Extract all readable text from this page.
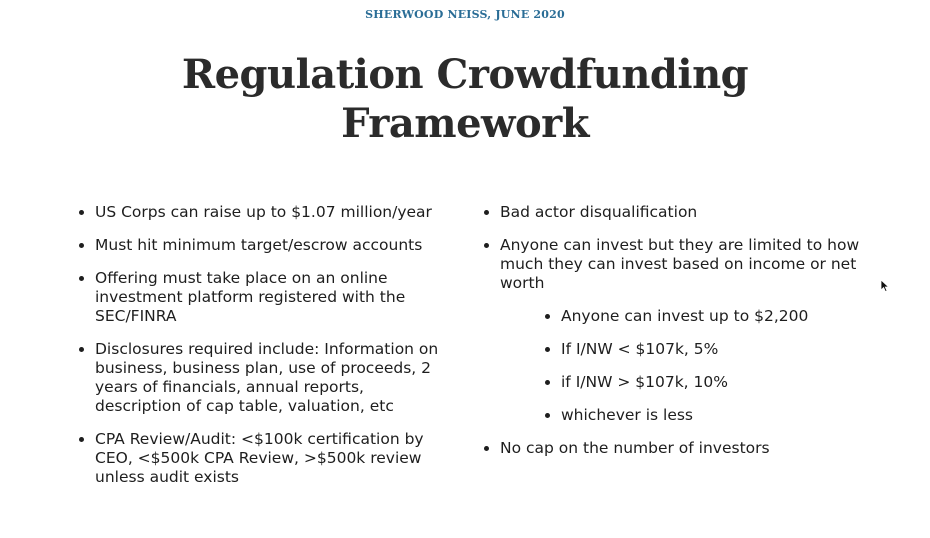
SHERWOOD NEISS, JUNE 2020
Regulation Crowdfunding
Framework
US Corps can raise up to $1.07 million/year
Must hit minimum target/escrow accounts
Offering must take place on an online investment platform registered with the SEC/FINRA
Disclosures required include: Information on business, business plan, use of proceeds, 2 years of financials, annual reports, description of cap table, valuation, etc
CPA Review/Audit: <$100k certification by CEO, <$500k CPA Review, >$500k review unless audit exists
Bad actor disqualification
Anyone can invest but they are limited to how much they can invest based on income or net worth
Anyone can invest up to $2,200
If I/NW < $107k, 5%
if I/NW > $107k, 10%
whichever is less
No cap on the number of investors
